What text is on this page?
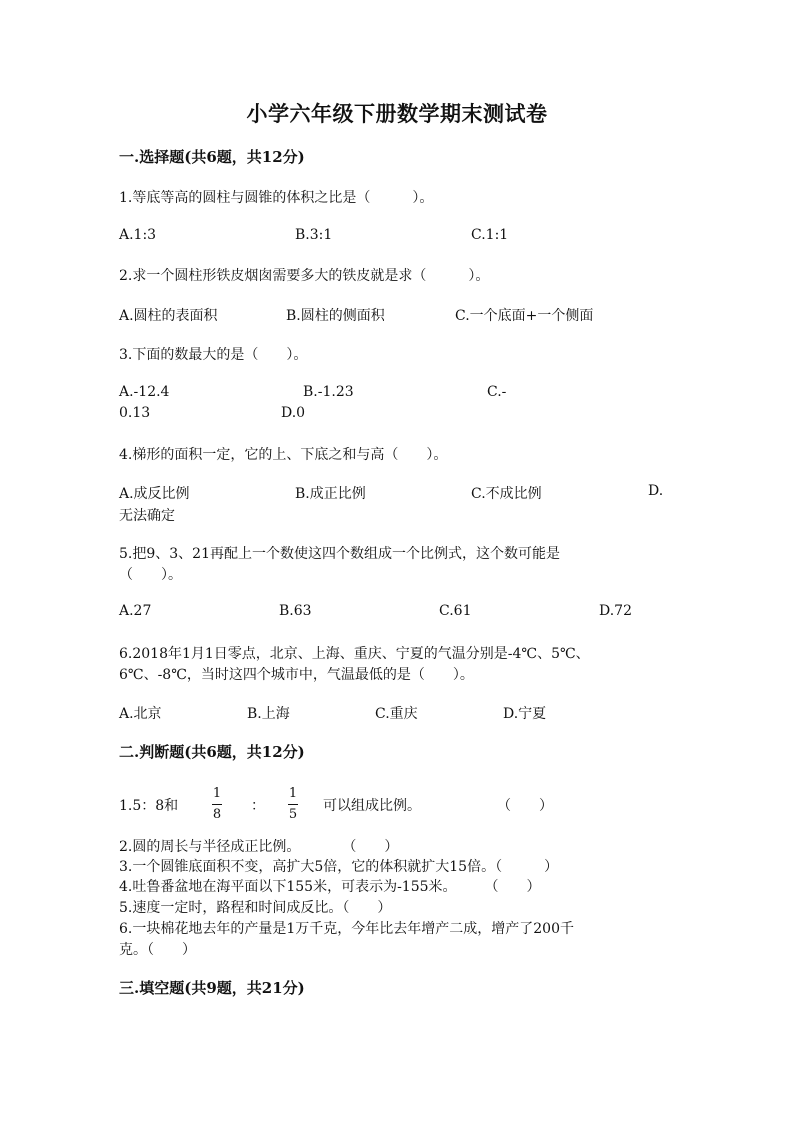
小学六年级下册数学期末测试卷
一.选择题(共6题，共12分)
1.等底等高的圆柱与圆锥的体积之比是（　　　）。
A.1:3	B.3:1	C.1:1
2.求一个圆柱形铁皮烟囱需要多大的铁皮就是求（　　　）。
A.圆柱的表面积	B.圆柱的侧面积	C.一个底面+一个侧面
3.下面的数最大的是（　　）。
A.-12.4	B.-1.23	C.-
0.13	D.0
4.梯形的面积一定，它的上、下底之和与高（　　）。
A.成反比例	B.成正比例	C.不成比例	D.
无法确定
5.把9、3、21再配上一个数使这四个数组成一个比例式，这个数可能是
（　　）。
A.27	B.63	C.61	D.72
6.2018年1月1日零点，北京、上海、重庆、宁夏的气温分别是-4℃、5℃、
6℃、-8℃，当时这四个城市中，气温最低的是（　　）。
A.北京	B.上海	C.重庆	D.宁夏
二.判断题(共6题，共12分)
1.5：8和
1
8
：
1
5
可以组成比例。	（　　）
2.圆的周长与半径成正比例。　　　　（　　）
3.一个圆锥底面积不变，高扩大5倍，它的体积就扩大15倍。（　　　）
4.吐鲁番盆地在海平面以下155米，可表示为-155米。　　　（　　）
5.速度一定时，路程和时间成反比。（　　）
6.一块棉花地去年的产量是1万千克，今年比去年增产二成，增产了200千
克。（　　）
三.填空题(共9题，共21分)
